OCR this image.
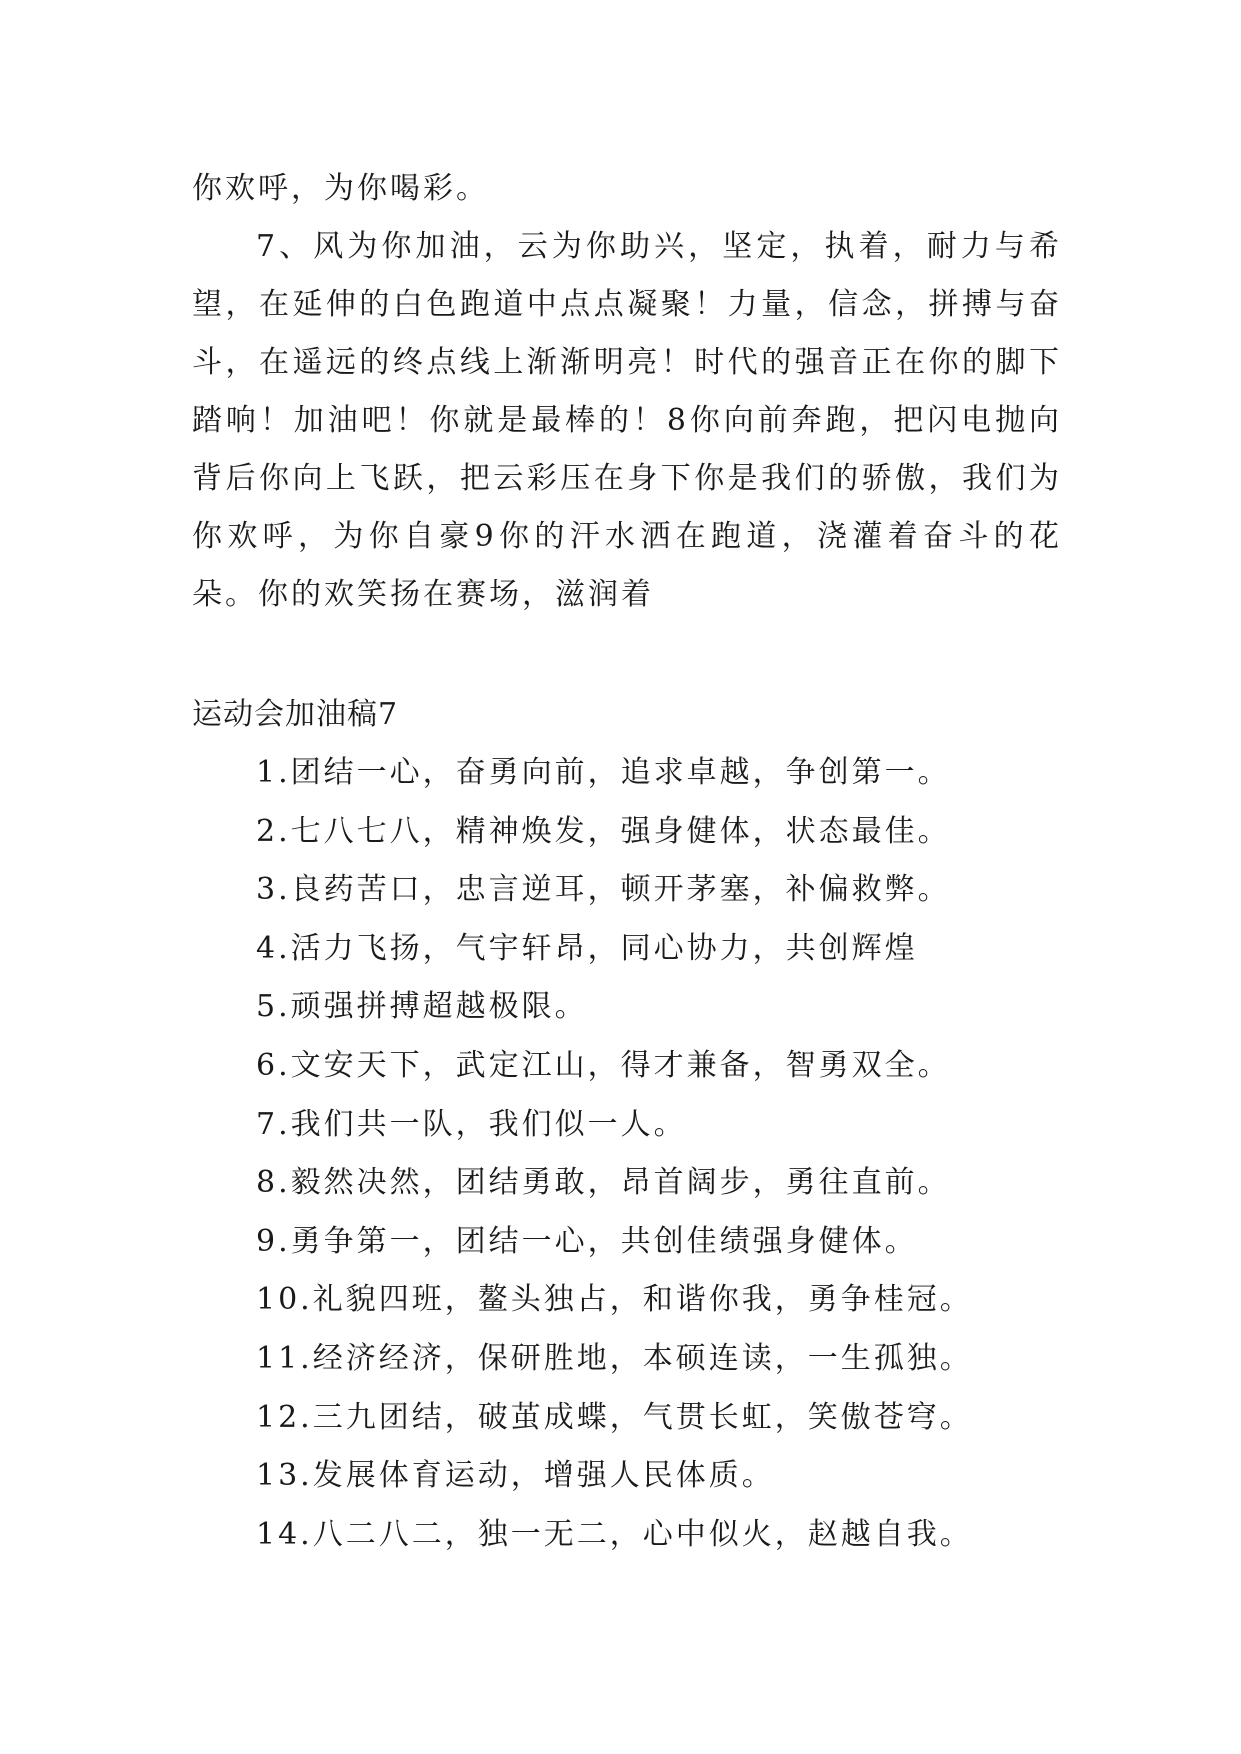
你欢呼，为你喝彩。

7、风为你加油，云为你助兴，坚定，执着，耐力与希望，在延伸的白色跑道中点点凝聚！力量，信念，拼搏与奋斗，在遥远的终点线上渐渐明亮！时代的强音正在你的脚下踏响！加油吧！你就是最棒的！8你向前奔跑，把闪电抛向背后你向上飞跃，把云彩压在身下你是我们的骄傲，我们为你欢呼，为你自豪9你的汗水洒在跑道，浇灌着奋斗的花朵。你的欢笑扬在赛场，滋润着

运动会加油稿7
1.团结一心，奋勇向前，追求卓越，争创第一。
2.七八七八，精神焕发，强身健体，状态最佳。
3.良药苦口，忠言逆耳，顿开茅塞，补偏救弊。
4.活力飞扬，气宇轩昂，同心协力，共创辉煌
5.顽强拼搏超越极限。
6.文安天下，武定江山，得才兼备，智勇双全。
7.我们共一队，我们似一人。
8.毅然决然，团结勇敢，昂首阔步，勇往直前。
9.勇争第一，团结一心，共创佳绩强身健体。
10.礼貌四班，鳌头独占，和谐你我，勇争桂冠。
11.经济经济，保研胜地，本硕连读，一生孤独。
12.三九团结，破茧成蝶，气贯长虹，笑傲苍穹。
13.发展体育运动，增强人民体质。
14.八二八二，独一无二，心中似火，赵越自我。
